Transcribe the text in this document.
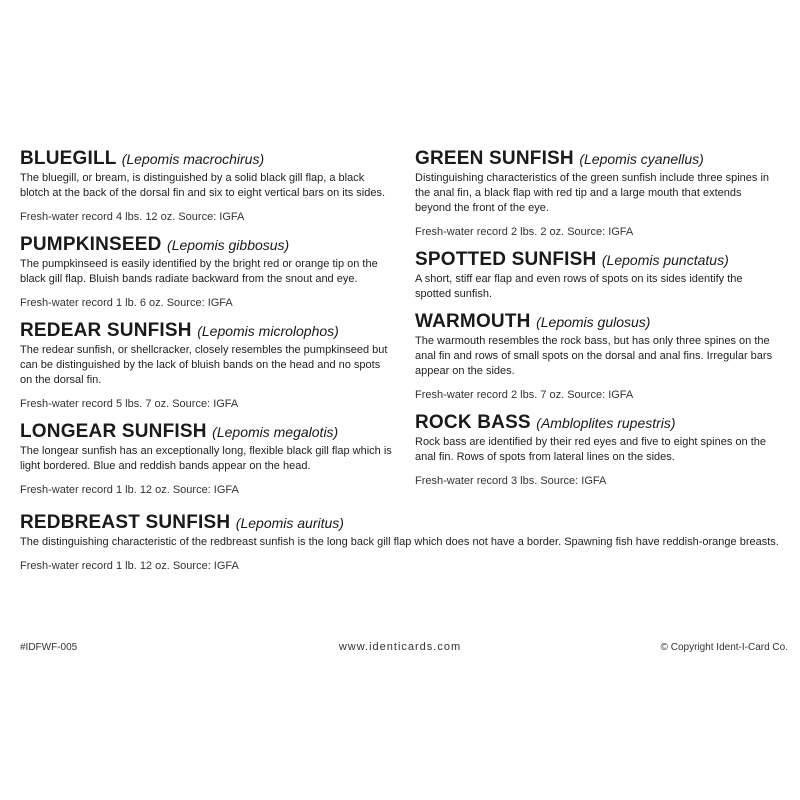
BLUEGILL (Lepomis macrochirus)

The bluegill, or bream, is distinguished by a solid black gill flap, a black blotch at the back of the dorsal fin and six to eight vertical bars on its sides.

Fresh-water record 4 lbs. 12 oz. Source: IGFA

PUMPKINSEED (Lepomis gibbosus)

The pumpkinseed is easily identified by the bright red or orange tip on the black gill flap. Bluish bands radiate backward from the snout and eye.

Fresh-water record 1 lb. 6 oz. Source: IGFA

REDEAR SUNFISH (Lepomis microlophos)

The redear sunfish, or shellcracker, closely resembles the pumpkinseed but can be distinguished by the lack of bluish bands on the head and no spots on the dorsal fin.

Fresh-water record 5 lbs. 7 oz. Source: IGFA

LONGEAR SUNFISH (Lepomis megalotis)

The longear sunfish has an exceptionally long, flexible black gill flap which is light bordered. Blue and reddish bands appear on the head.

Fresh-water record 1 lb. 12 oz. Source: IGFA

GREEN SUNFISH (Lepomis cyanellus)

Distinguishing characteristics of the green sunfish include three spines in the anal fin, a black flap with red tip and a large mouth that extends beyond the front of the eye.

Fresh-water record 2 lbs. 2 oz. Source: IGFA

SPOTTED SUNFISH (Lepomis punctatus)

A short, stiff ear flap and even rows of spots on its sides identify the spotted sunfish.

WARMOUTH (Lepomis gulosus)

The warmouth resembles the rock bass, but has only three spines on the anal fin and rows of small spots on the dorsal and anal fins. Irregular bars appear on the sides.

Fresh-water record 2 lbs. 7 oz. Source: IGFA

ROCK BASS (Ambloplites rupestris)

Rock bass are identified by their red eyes and five to eight spines on the anal fin. Rows of spots from lateral lines on the sides.

Fresh-water record 3 lbs. Source: IGFA

REDBREAST SUNFISH (Lepomis auritus)

The distinguishing characteristic of the redbreast sunfish is the long back gill flap which does not have a border. Spawning fish have reddish-orange breasts.

Fresh-water record 1 lb. 12 oz. Source: IGFA

#IDFWF-005	www.identicards.com	© Copyright Ident-I-Card Co.
